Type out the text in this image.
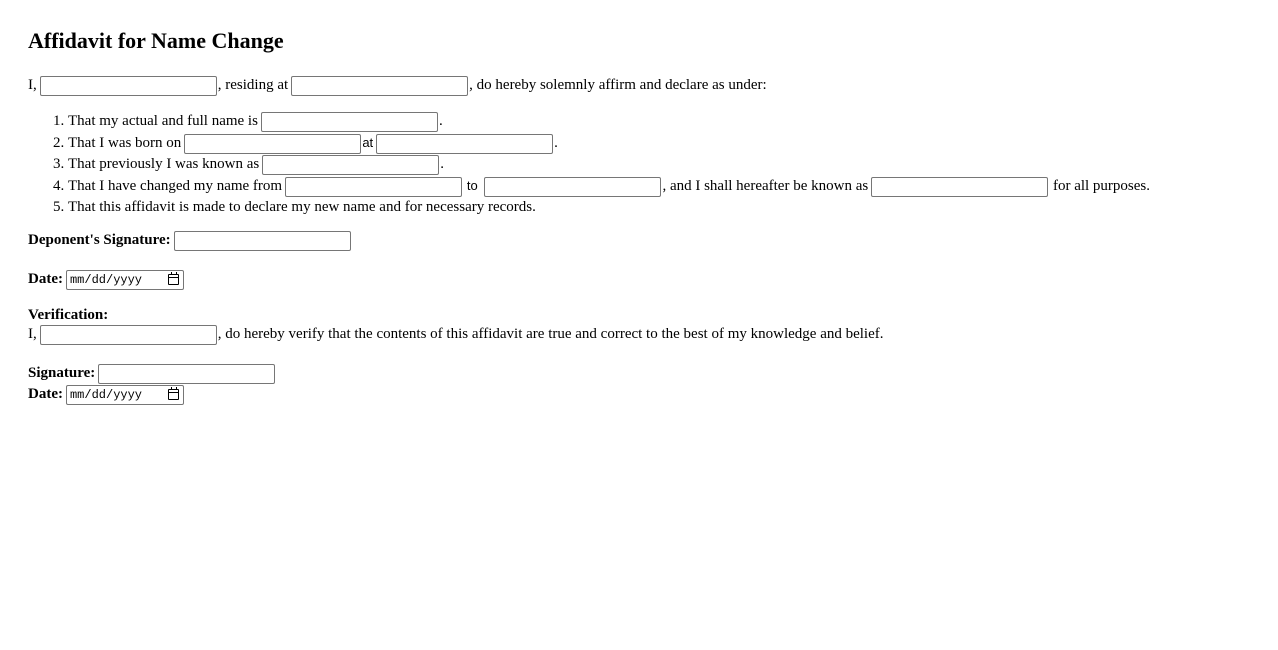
Affidavit for Name Change
I,	, residing at	, do hereby solemnly affirm and declare as under:
1. That my actual and full name is	.
2. That I was born on	at	.
3. That previously I was known as	.
4. That I have changed my name from	to	, and I shall hereafter be known as	for all purposes.
5. That this affidavit is made to declare my new name and for necessary records.
Deponent's Signature:
Date: mm/dd/yyyy
Verification:
I,	, do hereby verify that the contents of this affidavit are true and correct to the best of my knowledge and belief.
Signature:
Date: mm/dd/yyyy
